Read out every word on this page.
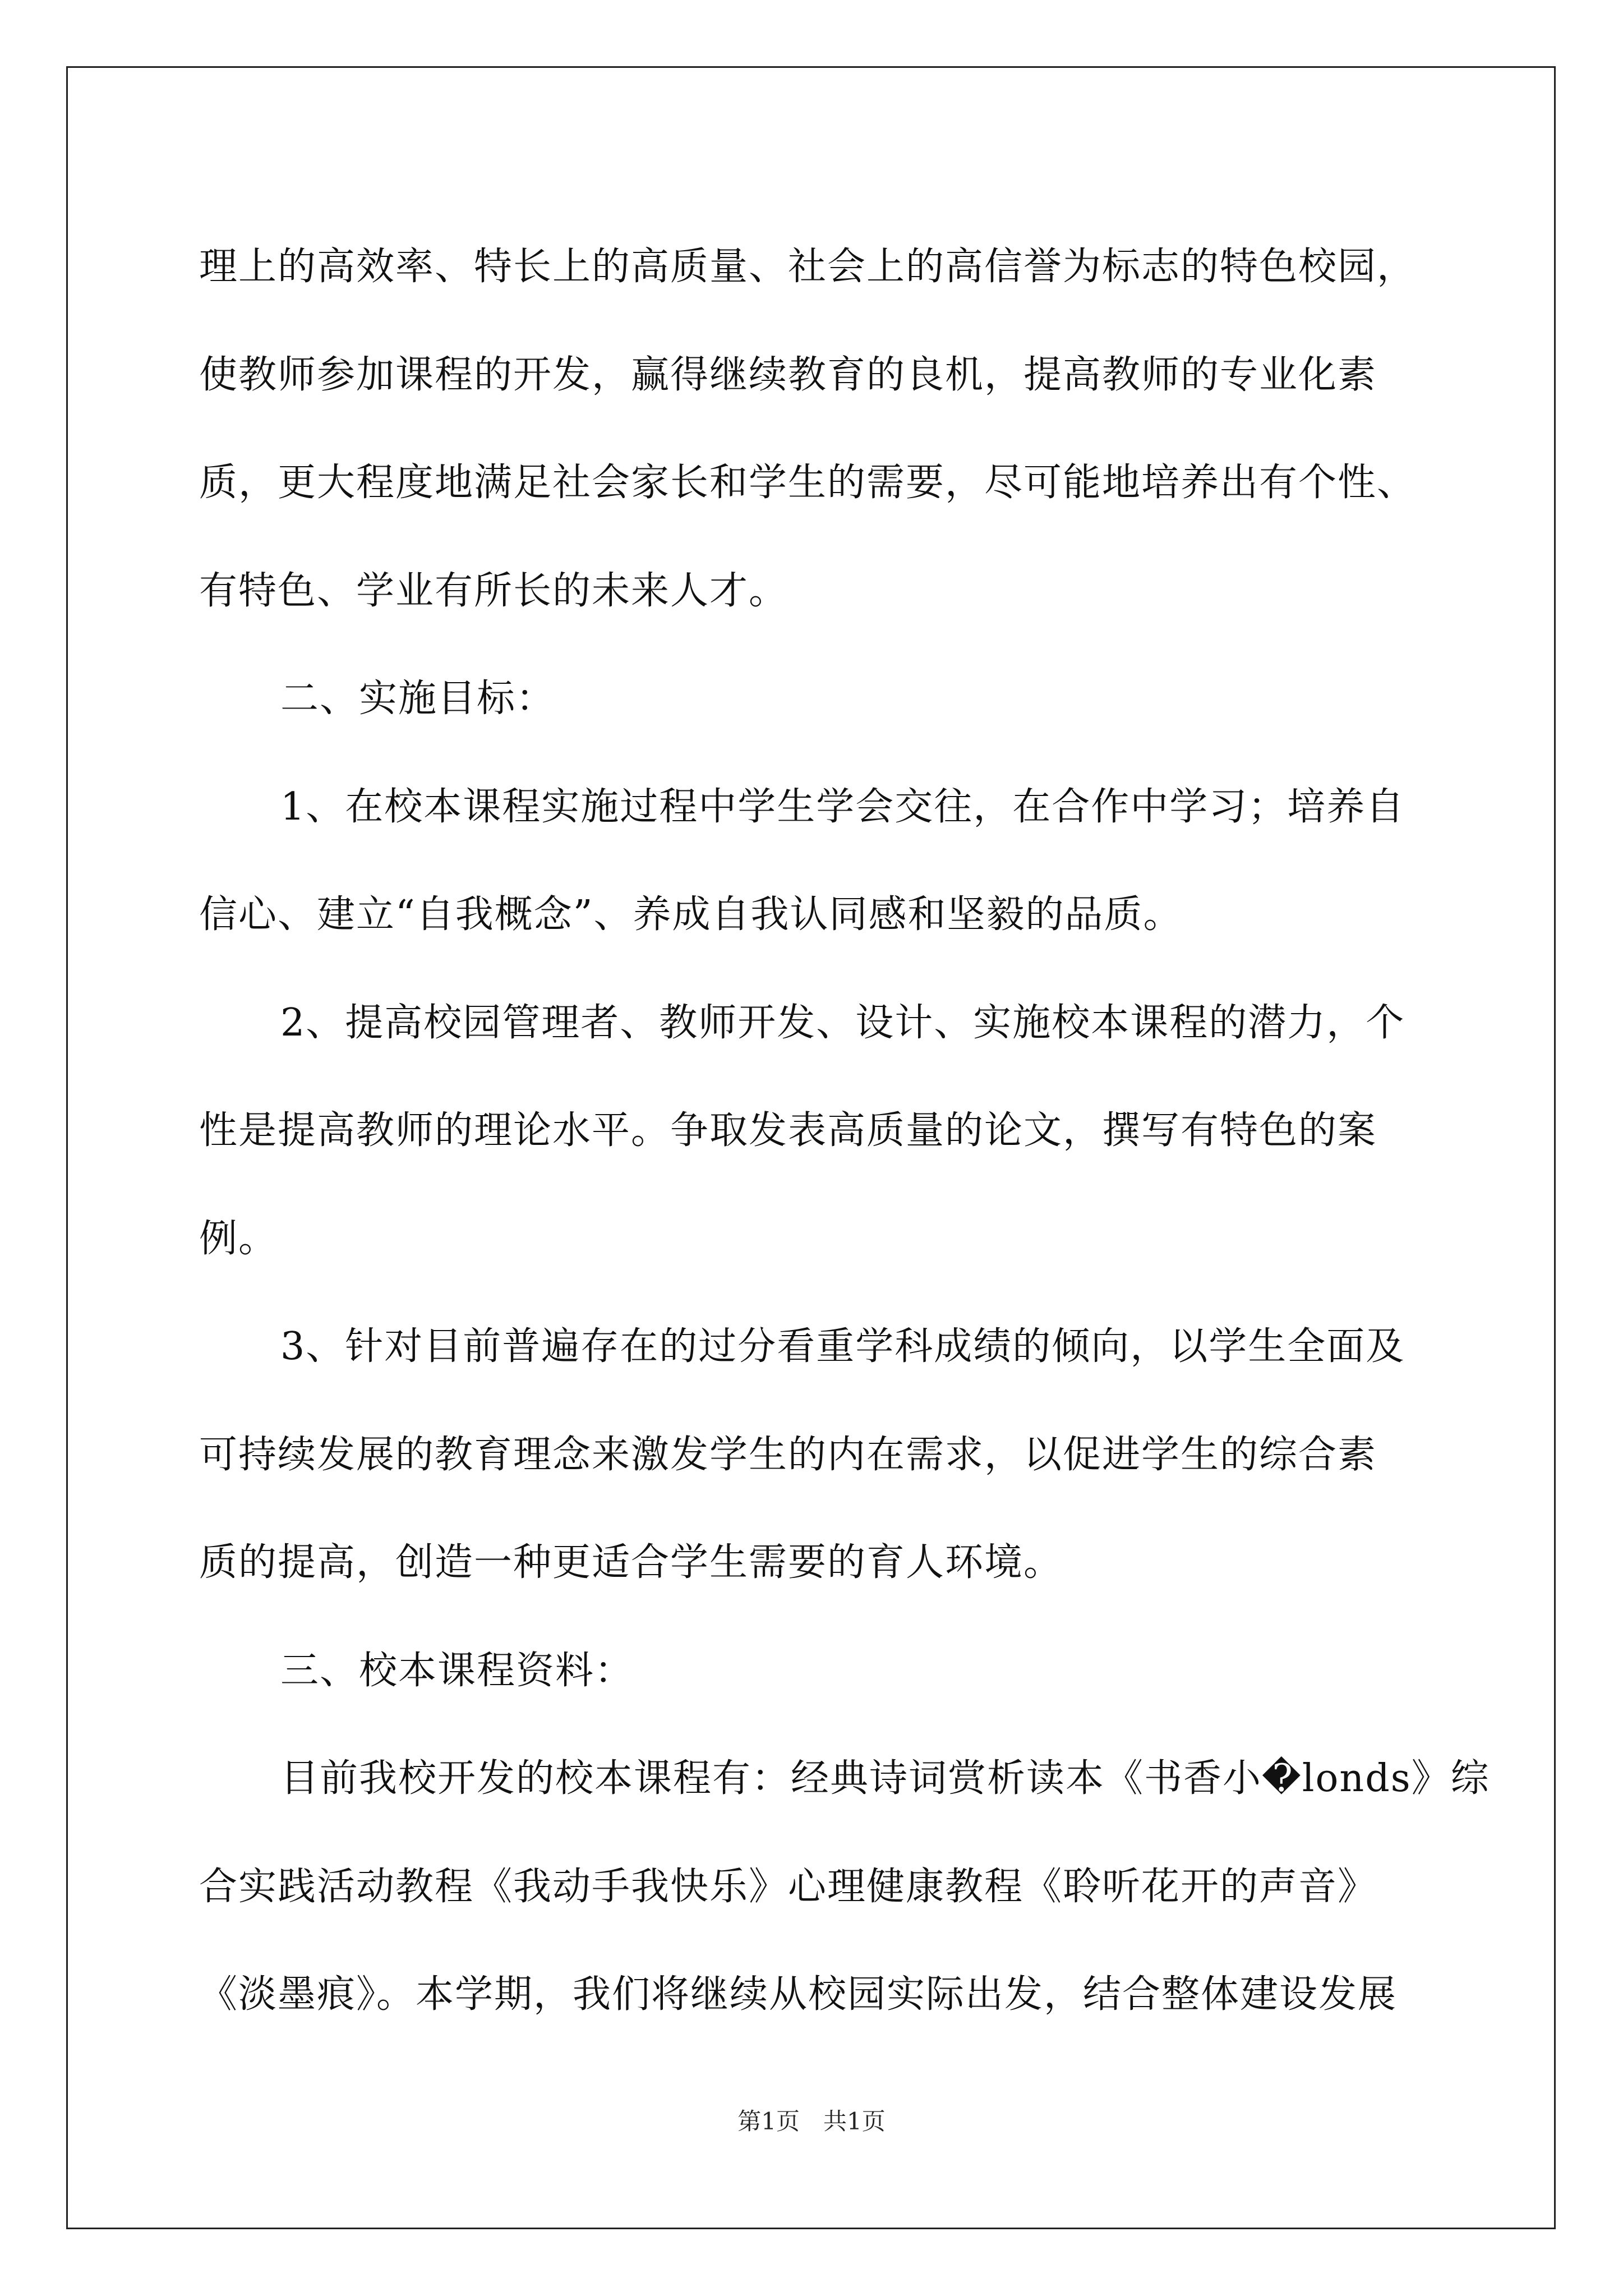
理上的高效率、特长上的高质量、社会上的高信誉为标志的特色校园，
使教师参加课程的开发，赢得继续教育的良机，提高教师的专业化素
质，更大程度地满足社会家长和学生的需要，尽可能地培养出有个性、
有特色、学业有所长的未来人才。
二、实施目标：
1、在校本课程实施过程中学生学会交往，在合作中学习；培养自
信心、建立“自我概念”、养成自我认同感和坚毅的品质。
2、提高校园管理者、教师开发、设计、实施校本课程的潜力，个
性是提高教师的理论水平。争取发表高质量的论文，撰写有特色的案
例。
3、针对目前普遍存在的过分看重学科成绩的倾向，以学生全面及
可持续发展的教育理念来激发学生的内在需求，以促进学生的综合素
质的提高，创造一种更适合学生需要的育人环境。
三、校本课程资料：
目前我校开发的校本课程有：经典诗词赏析读本《书香小�londs》综
合实践活动教程《我动手我快乐》心理健康教程《聆听花开的声音》
《淡墨痕》。本学期，我们将继续从校园实际出发，结合整体建设发展
第1页　共1页
